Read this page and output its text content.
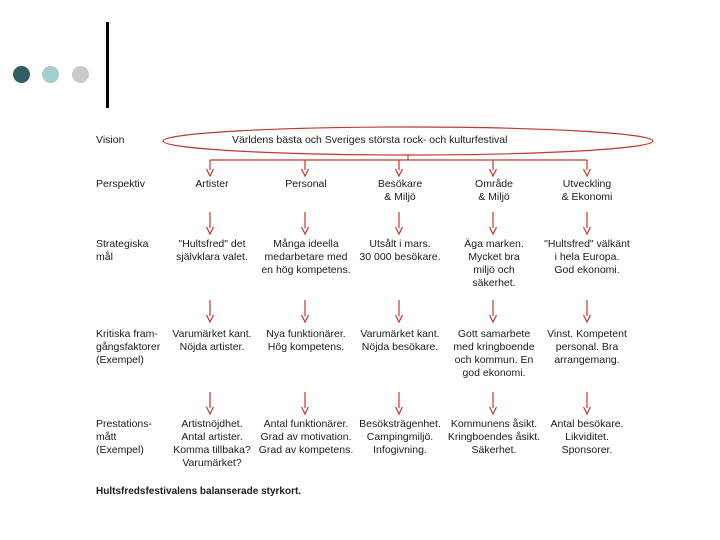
Vision
Perspektiv
Strategiska
mål
Kritiska fram-
gångsfaktorer
(Exempel)
Prestations-
mått
(Exempel)
Världens bästa och Sveriges största rock- och kulturfestival
Artister
"Hultsfred" det
självklara valet.
Varumärket kant.
Nöjda artister.
Artistnöjdhet.
Antal artister.
Komma tillbaka?
Varumärket?
Personal
Många ideella
medarbetare med
en hög kompetens.
Nya funktionärer.
Hög kompetens.
Antal funktionärer.
Grad av motivation.
Grad av kompetens.
Besökare
& Miljö
Utsålt i mars.
30 000 besökare.
Varumärket kant.
Nöjda besökare.
Besöksträgenhet.
Campingmiljö.
Infogivning.
Område
& Miljö
Äga marken.
Mycket bra
miljö och
säkerhet.
Gott samarbete
med kringboende
och kommun. En
god ekonomi.
Kommunens åsikt.
Kringboendes åsikt.
Säkerhet.
Utveckling
& Ekonomi
"Hultsfred" välkänt
i hela Europa.
God ekonomi.
Vinst. Kompetent
personal. Bra
arrangemang.
Antal besökare.
Likviditet.
Sponsorer.
Hultsfredsfestivalens balanserade styrkort.
